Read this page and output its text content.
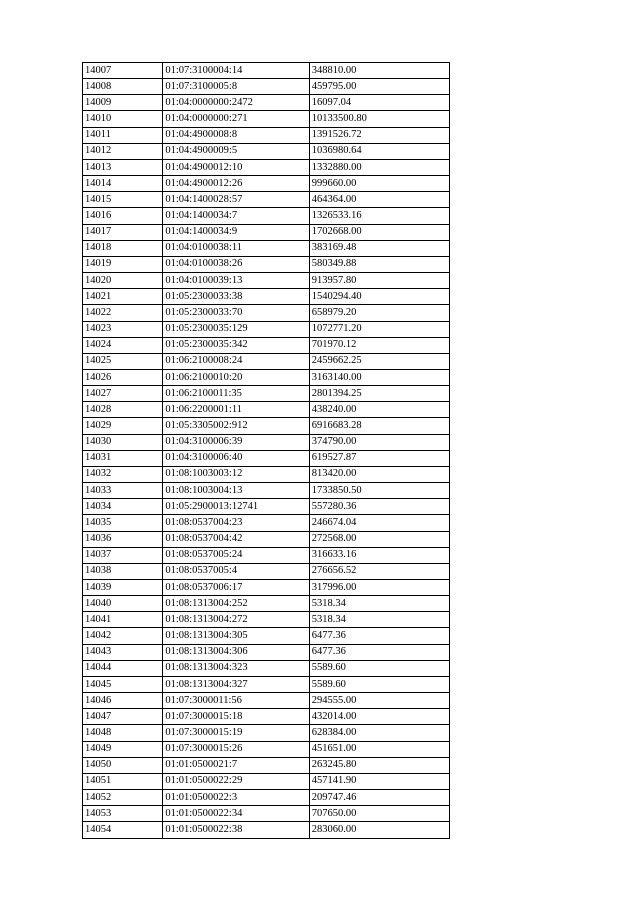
14007	01:07:3100004:14	348810.00
14008	01:07:3100005:8	459795.00
14009	01:04:0000000:2472	16097.04
14010	01:04:0000000:271	10133500.80
14011	01:04:4900008:8	1391526.72
14012	01:04:4900009:5	1036980.64
14013	01:04:4900012:10	1332880.00
14014	01:04:4900012:26	999660.00
14015	01:04:1400028:57	464364.00
14016	01:04:1400034:7	1326533.16
14017	01:04:1400034:9	1702668.00
14018	01:04:0100038:11	383169.48
14019	01:04:0100038:26	580349.88
14020	01:04:0100039:13	913957.80
14021	01:05:2300033:38	1540294.40
14022	01:05:2300033:70	658979.20
14023	01:05:2300035:129	1072771.20
14024	01:05:2300035:342	701970.12
14025	01:06:2100008:24	2459662.25
14026	01:06:2100010:20	3163140.00
14027	01:06:2100011:35	2801394.25
14028	01:06:2200001:11	438240.00
14029	01:05:3305002:912	6916683.28
14030	01:04:3100006:39	374790.00
14031	01:04:3100006:40	619527.87
14032	01:08:1003003:12	813420.00
14033	01:08:1003004:13	1733850.50
14034	01:05:2900013:12741	557280.36
14035	01:08:0537004:23	246674.04
14036	01:08:0537004:42	272568.00
14037	01:08:0537005:24	316633.16
14038	01:08:0537005:4	276656.52
14039	01:08:0537006:17	317996.00
14040	01:08:1313004:252	5318.34
14041	01:08:1313004:272	5318.34
14042	01:08:1313004:305	6477.36
14043	01:08:1313004:306	6477.36
14044	01:08:1313004:323	5589.60
14045	01:08:1313004:327	5589.60
14046	01:07:3000011:56	294555.00
14047	01:07:3000015:18	432014.00
14048	01:07:3000015:19	628384.00
14049	01:07:3000015:26	451651.00
14050	01:01:0500021:7	263245.80
14051	01:01:0500022:29	457141.90
14052	01:01:0500022:3	209747.46
14053	01:01:0500022:34	707650.00
14054	01:01:0500022:38	283060.00
